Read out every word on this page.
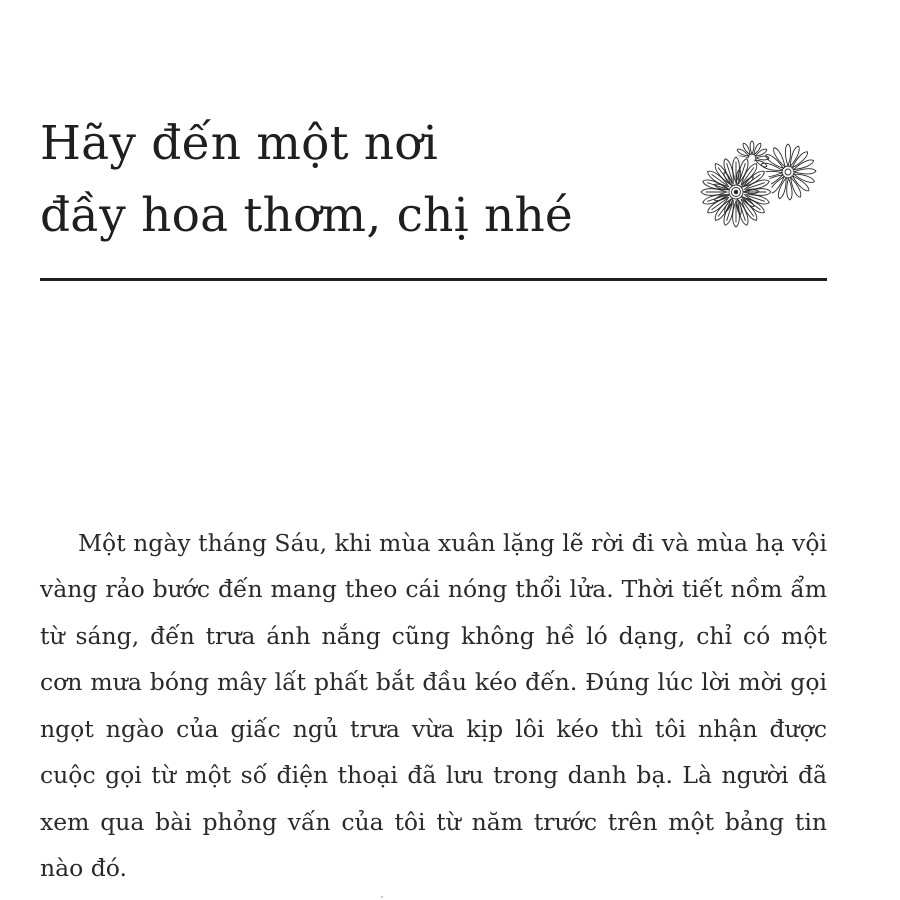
Hãy đến một nơi
đầy hoa thơm, chị nhé

Một ngày tháng Sáu, khi mùa xuân lặng lẽ rời đi và mùa hạ vội vàng rảo bước đến mang theo cái nóng thổi lửa. Thời tiết nồm ẩm từ sáng, đến trưa ánh nắng cũng không hề ló dạng, chỉ có một cơn mưa bóng mây lất phất bắt đầu kéo đến. Đúng lúc lời mời gọi ngọt ngào của giấc ngủ trưa vừa kịp lôi kéo thì tôi nhận được cuộc gọi từ một số điện thoại đã lưu trong danh bạ. Là người đã xem qua bài phỏng vấn của tôi từ năm trước trên một bảng tin nào đó.
